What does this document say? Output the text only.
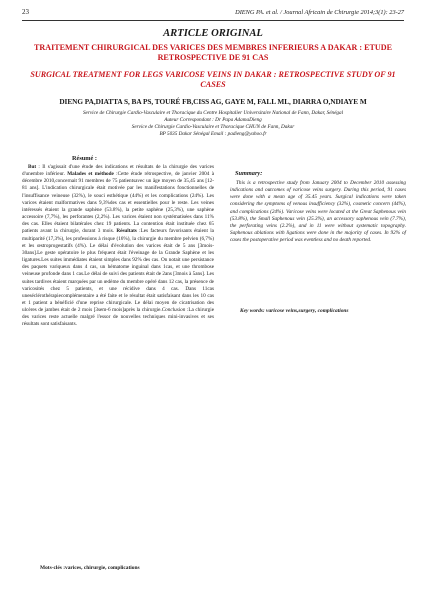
23	DIENG PA. et al. / Journal Africain de Chirurgie 2014;3(1): 23-27
ARTICLE ORIGINAL
TRAITEMENT CHIRURGICAL DES VARICES DES MEMBRES INFERIEURS A DAKAR : ETUDE RETROSPECTIVE DE 91 CAS
SURGICAL TREATMENT FOR LEGS VARICOSE VEINS IN DAKAR : RETROSPECTIVE STUDY OF 91 CASES
DIENG PA,DIATTA S, BA PS, TOURÉ FB,CISS AG, GAYE M, FALL ML, DIARRA O,NDIAYE M
Service de Chirurgie Cardio-Vasculaire et Thoracique du Centre Hospitalier Universitaire National de Fann, Dakar, Sénégal
Auteur Correspondant : Dr Papa AdamaDieng
Service de Chirurgie Cardio-Vasculaire et Thoracique CHUN de Fann, Dakar
BP 5035 Dakar Sénégal Email : padieng@yahoo.fr
Résumé :

But : Il s'agissait d'une étude des indications et résultats de la chirurgie des varices d'unembre inférieur. Malades et méthode :Cette étude rétrospective, de janvier 2004 à décembre 2010,concernait 91 membres de 75 patientsavec un âge moyen de 35,45 ans [12-81 ans]. L'indication chirurgicale était motivée par les manifestations fonctionnelles de l'insuffisance veineuse (32%), le souci esthétique (44%) et les complications (24%). Les varices étaient malformatives dans 9,3%des cas et essentielles pour le reste. Les veines intéressés étaient la grande saphène (53.8%), la petite saphène (25,3%), une saphène accessoire (7,7%), les perforantes (2,2%). Les varices étaient non systématisées dans 11% des cas. Elles étaient bilatérales chez 19 patients. La contention était instituée chez 65 patients avant la chirurgie, durant 3 mois. Résultats :Les facteurs favorisants étaient la multiparité (17,3%), les professions à risque (16%), la chirurgie du membre pelvien (6,7%) et les œstroprogestatifs (4%). Le délai d'évolution des varices était de 5 ans [3mois-30ans].Le geste opératoire le plus fréquent était l'éveinage de la Grande Saphène et les ligatures.Les suites immédiates étaient simples dans 92% des cas. On notait une persistance des paquets variqueux dans 4 cas, un hématome inguinal dans 1cas, et une thrombose veineuse profonde dans 1 cas.Le délai de suivi des patients était de 2ans [3mois à 5ans]. Les suites tardives étaient marquées par un œdème du membre opéré dans 12 cas, la présence de varicosités chez 5 patients, et une récidive dans 4 cas. Dans 11cas uneséclérothérapiecomplémentaire a été faite et le résultat était satisfaisant dans les 10 cas et 1 patient a bénéficié d'une reprise chirurgicale. Le délai moyen de cicatrisation des ulcères de jambes était de 2 mois [3sem-6 mois]après la chirurgie.Conclusion :La chirurgie des varices reste actuelle malgré l'essor de nouvelles techniques mini-invasives et ses résultats sont satisfaisants.

Mots-clés :varices, chirurgie, complications
Summary:

This is a retrospective study from January 2004 to December 2010 assessing indications and outcomes of varicose veins surgery. During this period, 91 cases were done with a mean age of 35.45 years. Surgical indications were taken considering the symptoms of venous insufficiency (32%), cosmetic concern (44%), and complications (24%). Varicose veins were located at the Great Saphenous vein (53.8%), the Small Saphenous vein (25.3%), an accessory saphenous vein (7.7%), the perforating veins (2.2%), and in 11 were without systematic topography. Saphenous ablations with ligations were done in the majority of cases. In 92% of cases the postoperative period was eventless and no death reported.

Key words: varicose veins,surgery, complications
